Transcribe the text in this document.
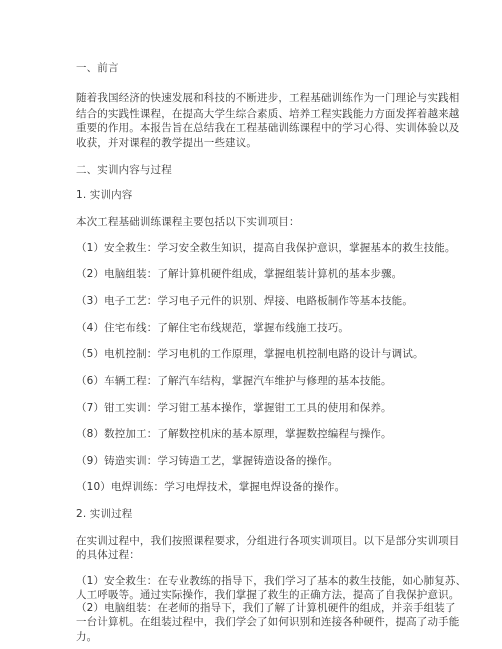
一、前言
随着我国经济的快速发展和科技的不断进步，工程基础训练作为一门理论与实践相
结合的实践性课程，在提高大学生综合素质、培养工程实践能力方面发挥着越来越
重要的作用。本报告旨在总结我在工程基础训练课程中的学习心得、实训体验以及
收获，并对课程的教学提出一些建议。
二、实训内容与过程
1. 实训内容
本次工程基础训练课程主要包括以下实训项目：
（1）安全救生：学习安全救生知识，提高自我保护意识，掌握基本的救生技能。
（2）电脑组装：了解计算机硬件组成，掌握组装计算机的基本步骤。
（3）电子工艺：学习电子元件的识别、焊接、电路板制作等基本技能。
（4）住宅布线：了解住宅布线规范，掌握布线施工技巧。
（5）电机控制：学习电机的工作原理，掌握电机控制电路的设计与调试。
（6）车辆工程：了解汽车结构，掌握汽车维护与修理的基本技能。
（7）钳工实训：学习钳工基本操作，掌握钳工工具的使用和保养。
（8）数控加工：了解数控机床的基本原理，掌握数控编程与操作。
（9）铸造实训：学习铸造工艺，掌握铸造设备的操作。
（10）电焊训练：学习电焊技术，掌握电焊设备的操作。
2. 实训过程
在实训过程中，我们按照课程要求，分组进行各项实训项目。以下是部分实训项目
的具体过程：
（1）安全救生：在专业教练的指导下，我们学习了基本的救生技能，如心肺复苏、
人工呼吸等。通过实际操作，我们掌握了救生的正确方法，提高了自我保护意识。
（2）电脑组装：在老师的指导下，我们了解了计算机硬件的组成，并亲手组装了
一台计算机。在组装过程中，我们学会了如何识别和连接各种硬件，提高了动手能
力。
